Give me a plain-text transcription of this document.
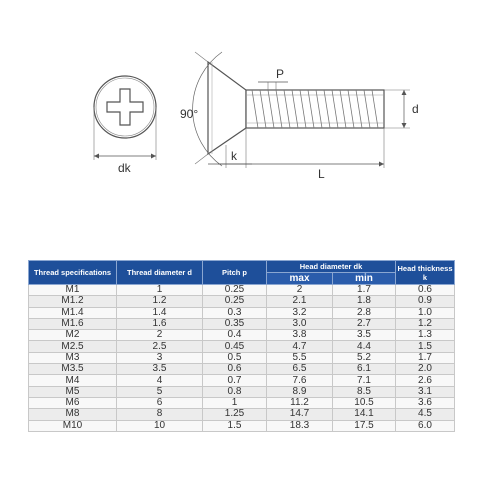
dk
90°
P
k
L
d
Thread specifications	Thread diameter d	Pitch p	Head diameter dk		Head thickness k
			max	min	
M1	1	0.25	2	1.7	0.6
M1.2	1.2	0.25	2.1	1.8	0.9
M1.4	1.4	0.3	3.2	2.8	1.0
M1.6	1.6	0.35	3.0	2.7	1.2
M2	2	0.4	3.8	3.5	1.3
M2.5	2.5	0.45	4.7	4.4	1.5
M3	3	0.5	5.5	5.2	1.7
M3.5	3.5	0.6	6.5	6.1	2.0
M4	4	0.7	7.6	7.1	2.6
M5	5	0.8	8.9	8.5	3.1
M6	6	1	11.2	10.5	3.6
M8	8	1.25	14.7	14.1	4.5
M10	10	1.5	18.3	17.5	6.0
